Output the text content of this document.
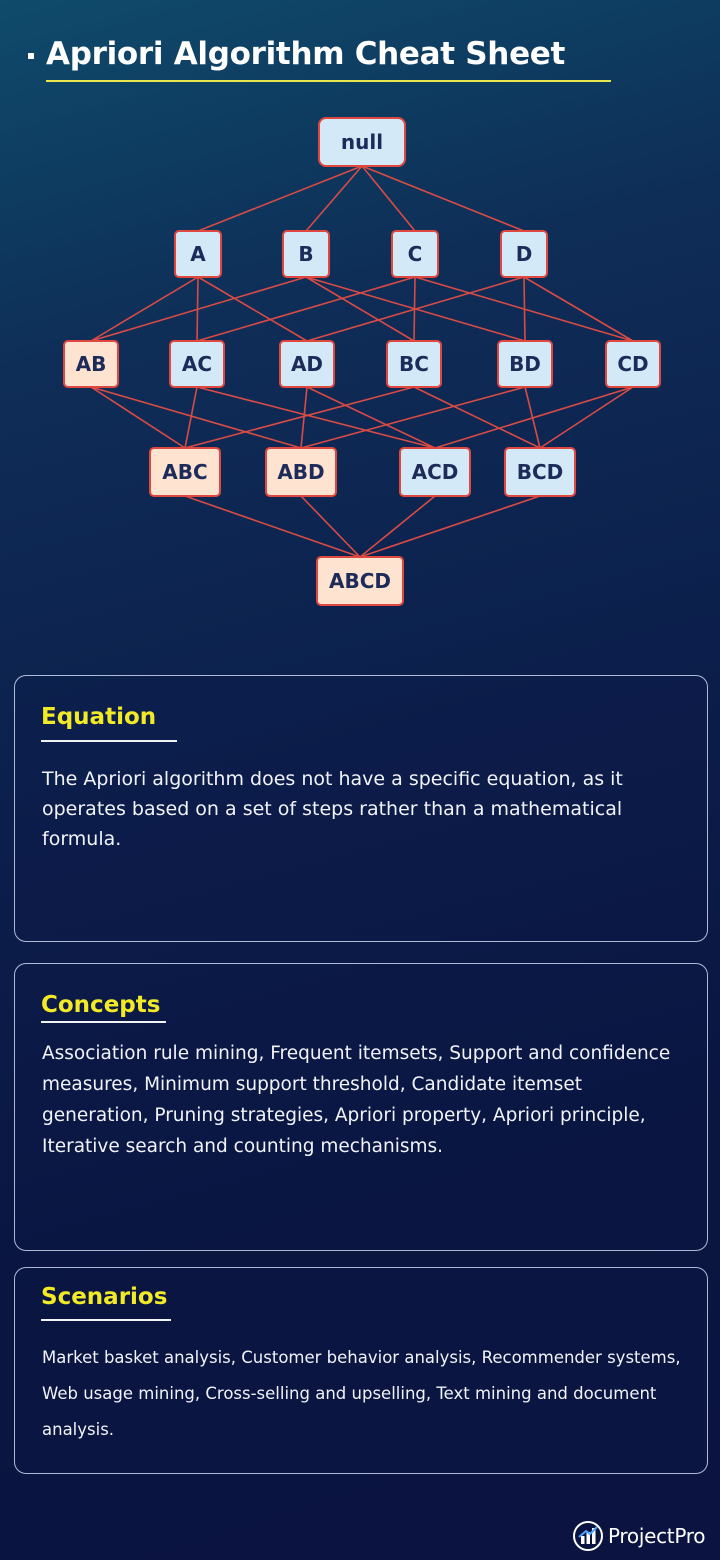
Apriori Algorithm Cheat Sheet
null
A	B	C	D
AB	AC	AD	BC	BD	CD
ABC	ABD	ACD	BCD
ABCD
Equation
The Apriori algorithm does not have a specific equation, as it operates based on a set of steps rather than a mathematical formula.
Concepts
Association rule mining, Frequent itemsets, Support and confidence measures, Minimum support threshold, Candidate itemset generation, Pruning strategies, Apriori property, Apriori principle, Iterative search and counting mechanisms.
Scenarios
Market basket analysis, Customer behavior analysis, Recommender systems, Web usage mining, Cross-selling and upselling, Text mining and document analysis.
ProjectPro
